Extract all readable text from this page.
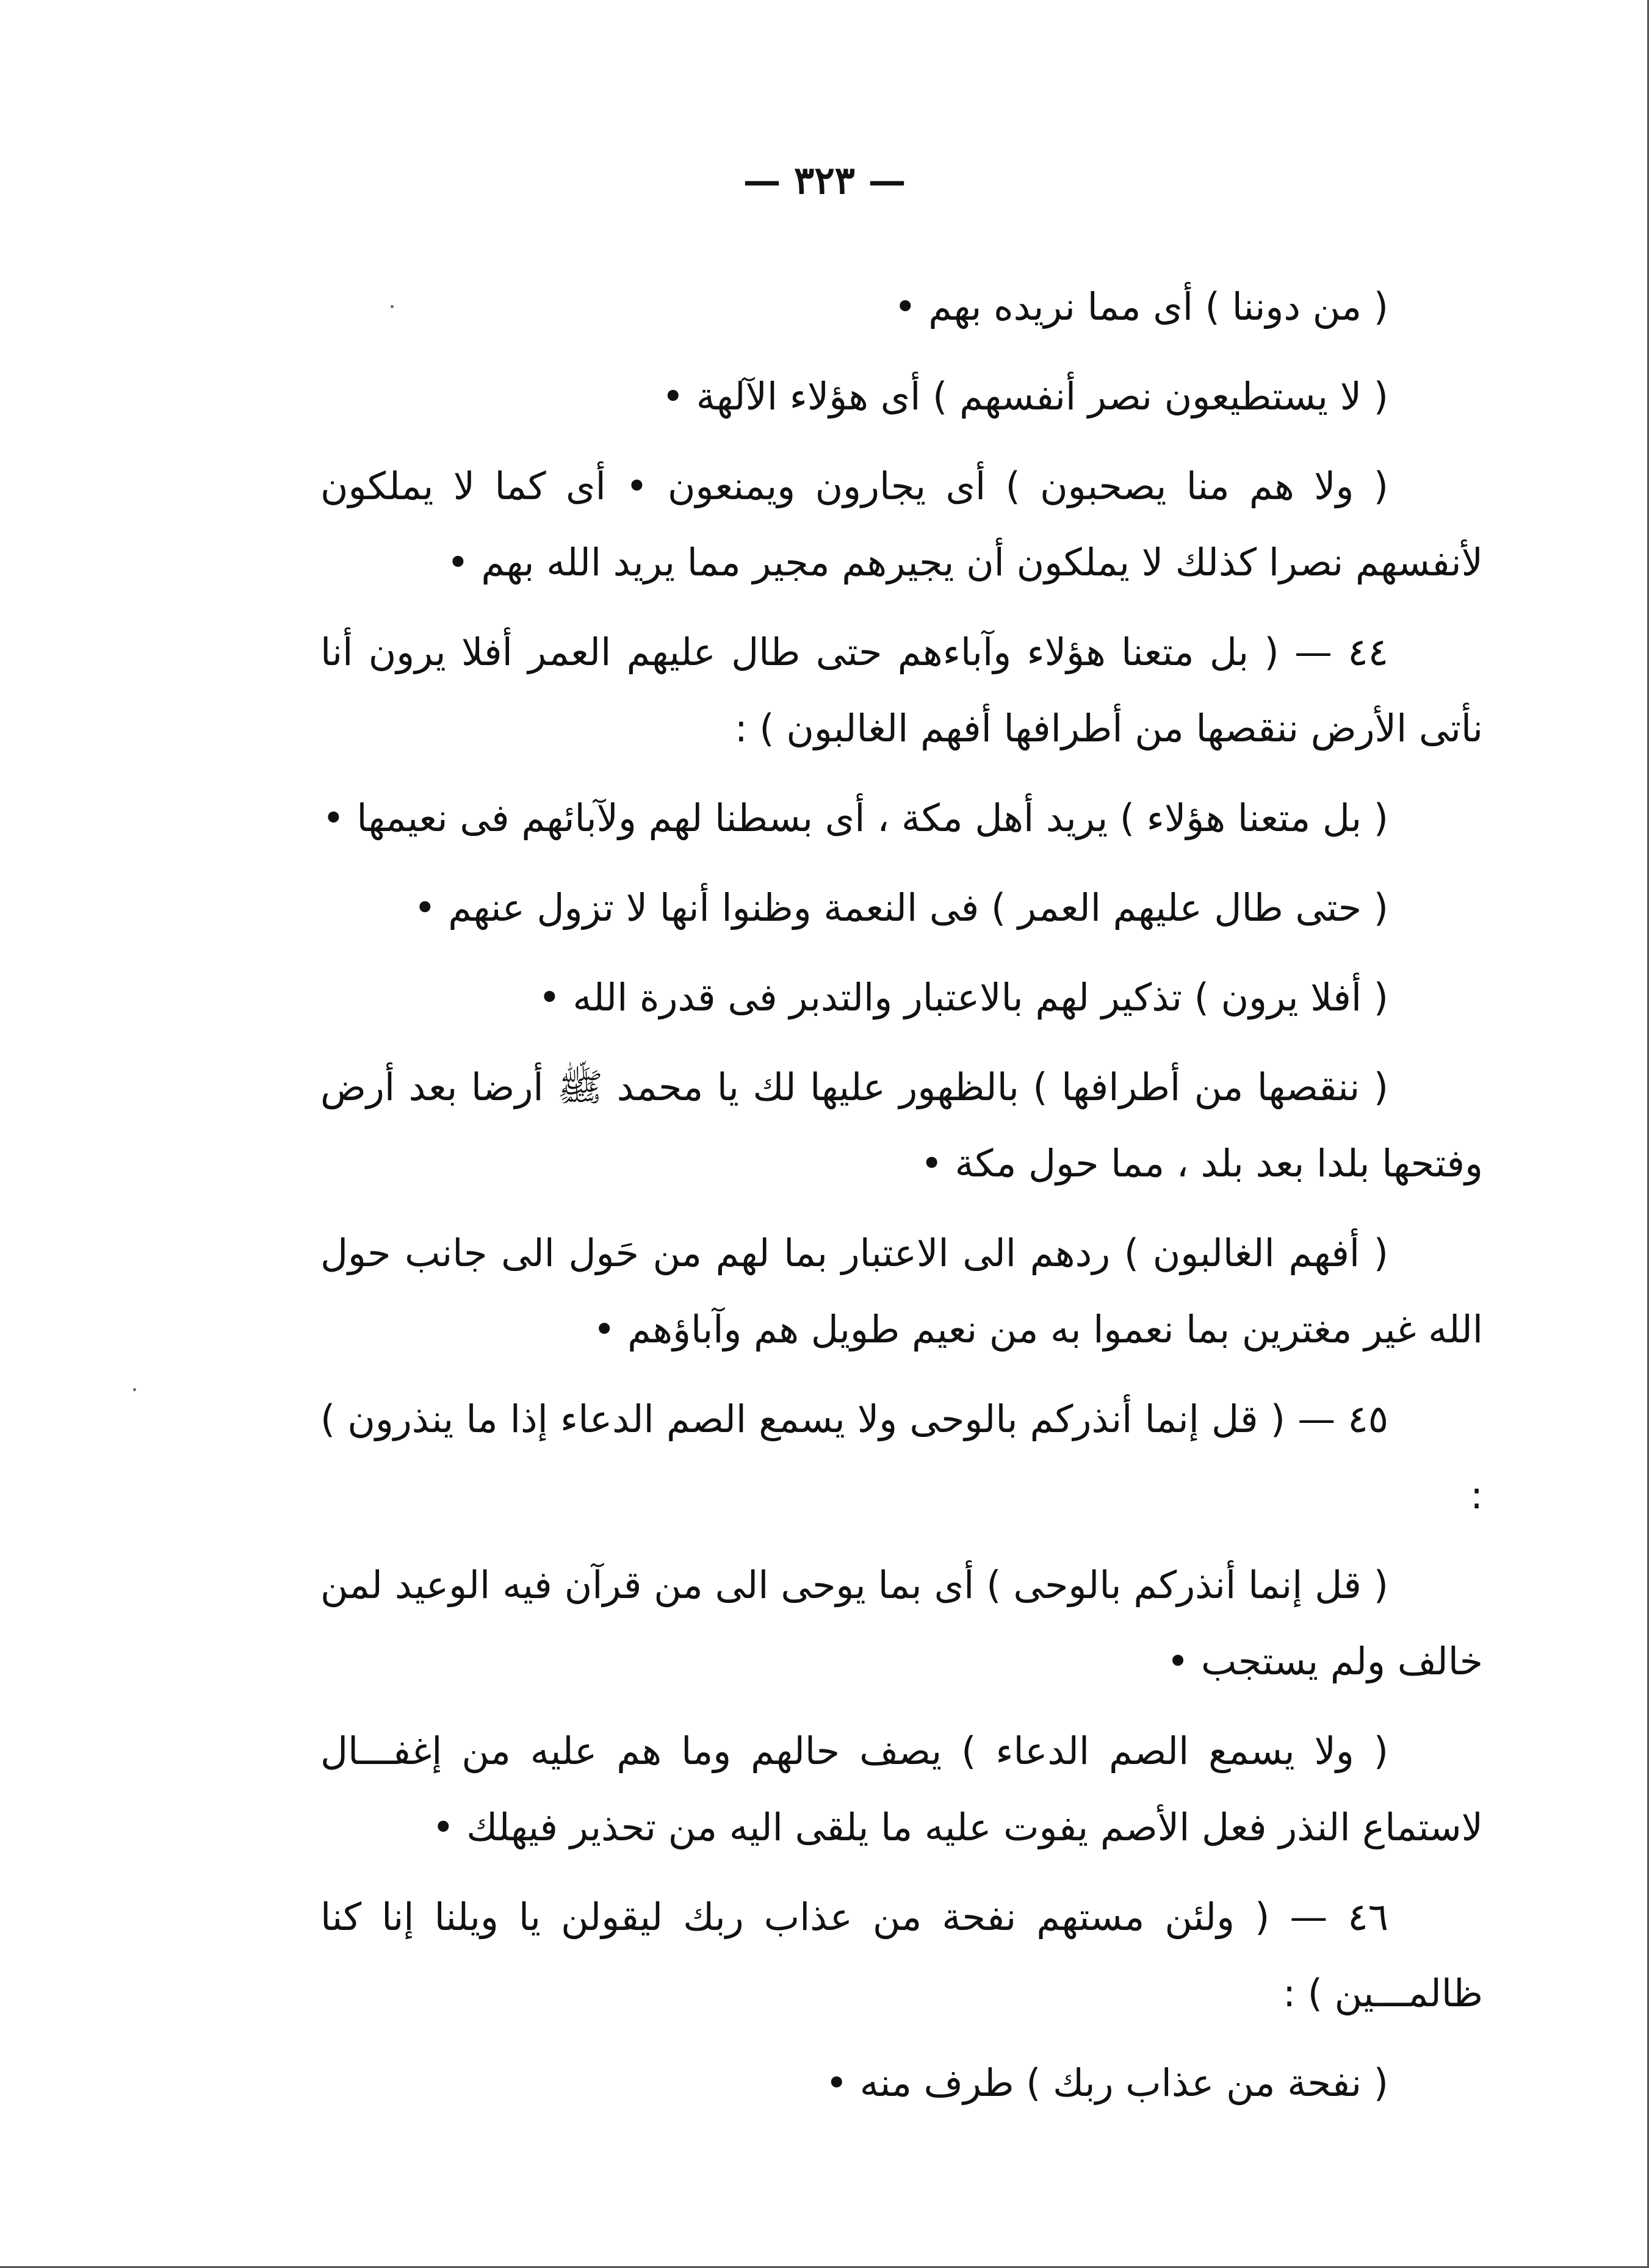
— ٣٢٣ —

( من دوننا ) أى مما نريده بهم ‌•

( لا يستطيعون نصر أنفسهم ) أى هؤلاء الآلهة ‌•

( ولا هم منا يصحبون ) أى يجارون ويمنعون ‌• أى كما لا يملكون لأنفسهم نصرا كذلك لا يملكون أن يجيرهم مجير مما يريد الله بهم ‌•

٤٤ — ( بل متعنا هؤلاء وآباءهم حتى طال عليهم العمر أفلا يرون أنا نأتى الأرض ننقصها من أطرافها أفهم الغالبون ) :

( بل متعنا هؤلاء ) يريد أهل مكة ، أى بسطنا لهم ولآبائهم فى نعيمها ‌•

( حتى طال عليهم العمر ) فى النعمة وظنوا أنها لا تزول عنهم ‌•

( أفلا يرون ) تذكير لهم بالاعتبار والتدبر فى قدرة الله ‌•

( ننقصها من أطرافها ) بالظهور عليها لك يا محمد ﷺ أرضا بعد أرض وفتحها بلدا بعد بلد ، مما حول مكة ‌•

( أفهم الغالبون ) ردهم الى الاعتبار بما لهم من حَول الى جانب حول الله غير مغترين بما نعموا به من نعيم طويل هم وآباؤهم ‌•

٤٥ — ( قل إنما أنذركم بالوحى ولا يسمع الصم الدعاء إذا ما ينذرون ) :

( قل إنما أنذركم بالوحى ) أى بما يوحى الى من قرآن فيه الوعيد لمن خالف ولم يستجب ‌•

( ولا يسمع الصم الدعاء ) يصف حالهم وما هم عليه من إغفـــال لاستماع النذر فعل الأصم يفوت عليه ما يلقى اليه من تحذير فيهلك ‌•

٤٦ — ( ولئن مستهم نفحة من عذاب ربك ليقولن يا ويلنا إنا كنا ظالمـــين ) :

( نفحة من عذاب ربك ) طرف منه ‌•
